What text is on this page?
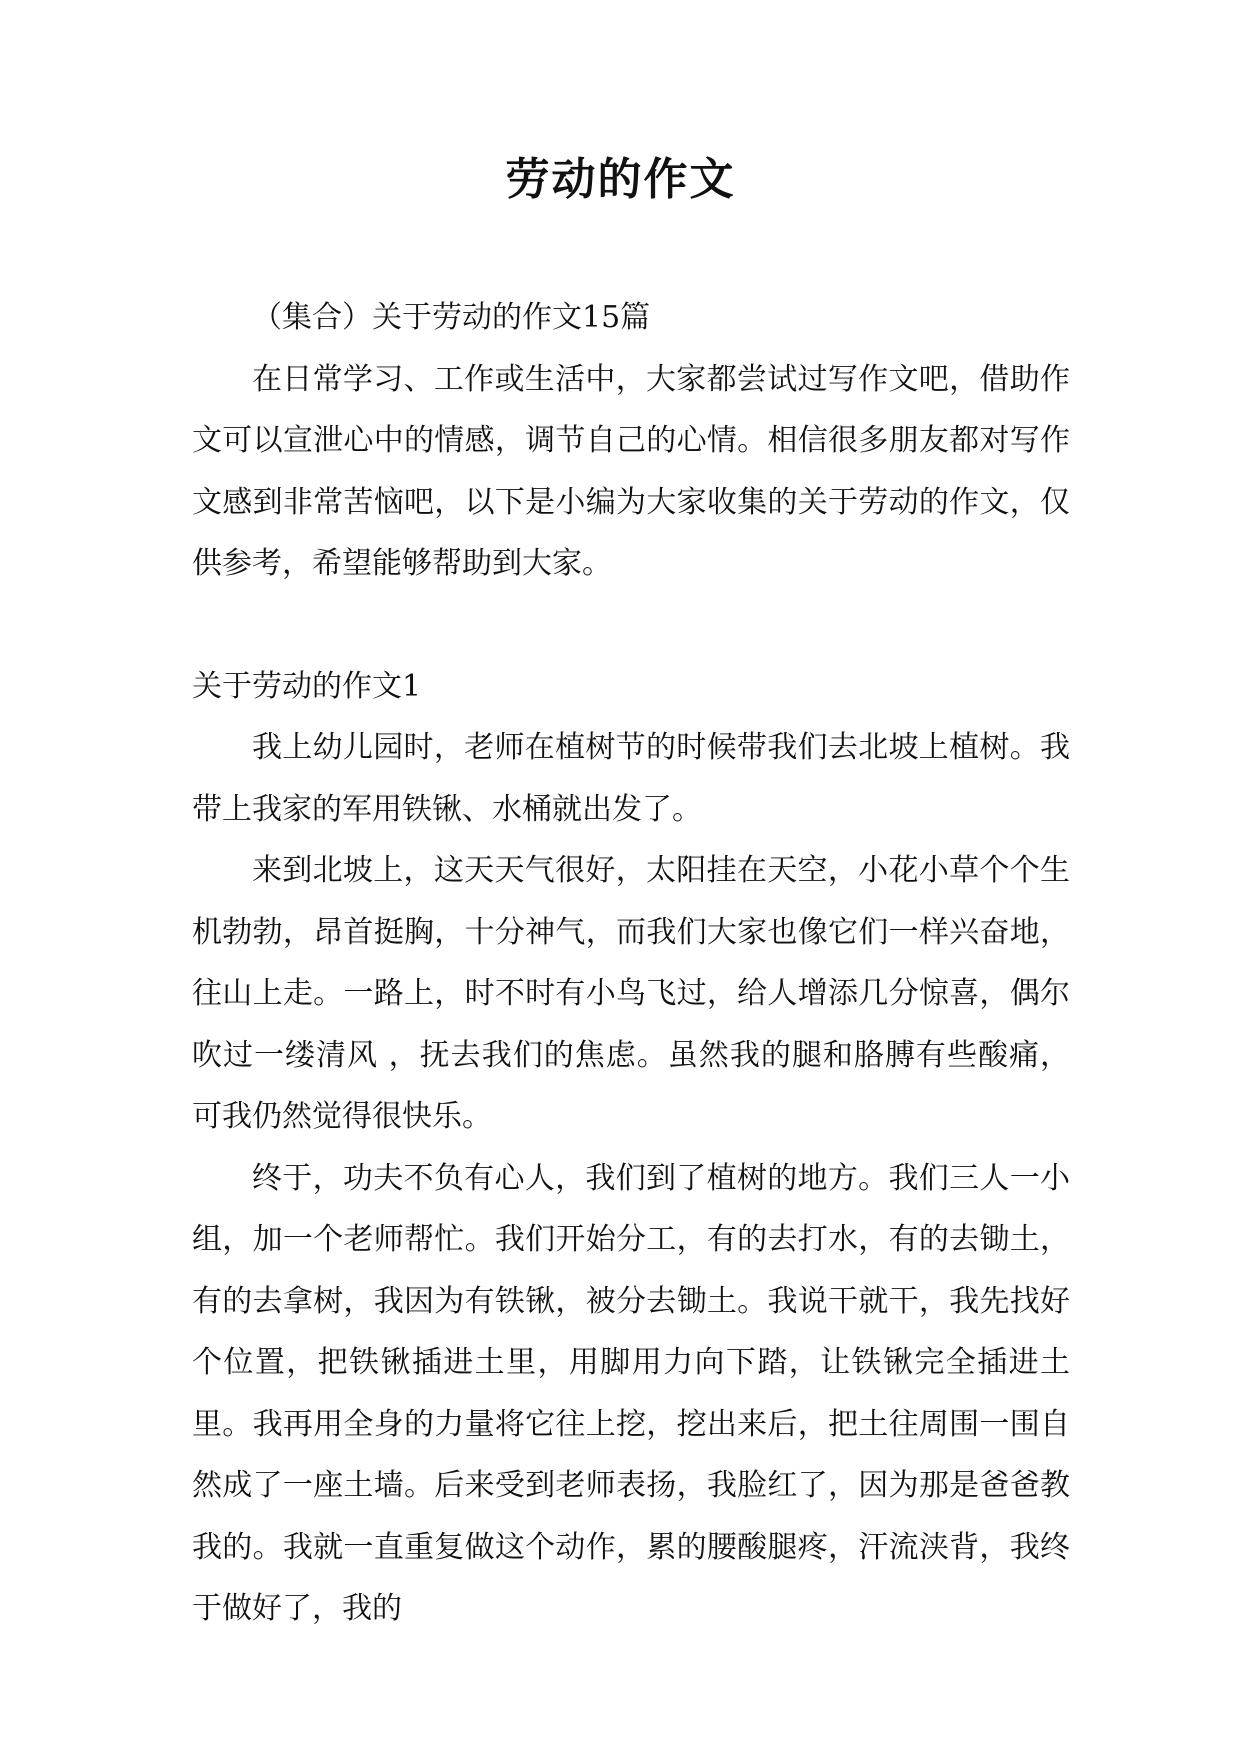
劳动的作文

（集合）关于劳动的作文15篇

在日常学习、工作或生活中，大家都尝试过写作文吧，借助作文可以宣泄心中的情感，调节自己的心情。相信很多朋友都对写作文感到非常苦恼吧，以下是小编为大家收集的关于劳动的作文，仅供参考，希望能够帮助到大家。

关于劳动的作文1

我上幼儿园时，老师在植树节的时候带我们去北坡上植树。我带上我家的军用铁锹、水桶就出发了。

来到北坡上，这天天气很好，太阳挂在天空，小花小草个个生机勃勃，昂首挺胸，十分神气，而我们大家也像它们一样兴奋地，往山上走。一路上，时不时有小鸟飞过，给人增添几分惊喜，偶尔 吹过一缕清风 ，抚去我们的焦虑。虽然我的腿和胳膊有些酸痛，可我仍然觉得很快乐。

终于，功夫不负有心人，我们到了植树的地方。我们三人一小组，加一个老师帮忙。我们开始分工，有的去打水，有的去锄土，有的去拿树，我因为有铁锹，被分去锄土。我说干就干，我先找好个位置，把铁锹插进土里，用脚用力向下踏，让铁锹完全插进土里。我再用全身的力量将它往上挖，挖出来后，把土往周围一围自然成了一座土墙。后来受到老师表扬，我脸红了，因为那是爸爸教我的。我就一直重复做这个动作，累的腰酸腿疼，汗流浃背，我终于做好了，我的
